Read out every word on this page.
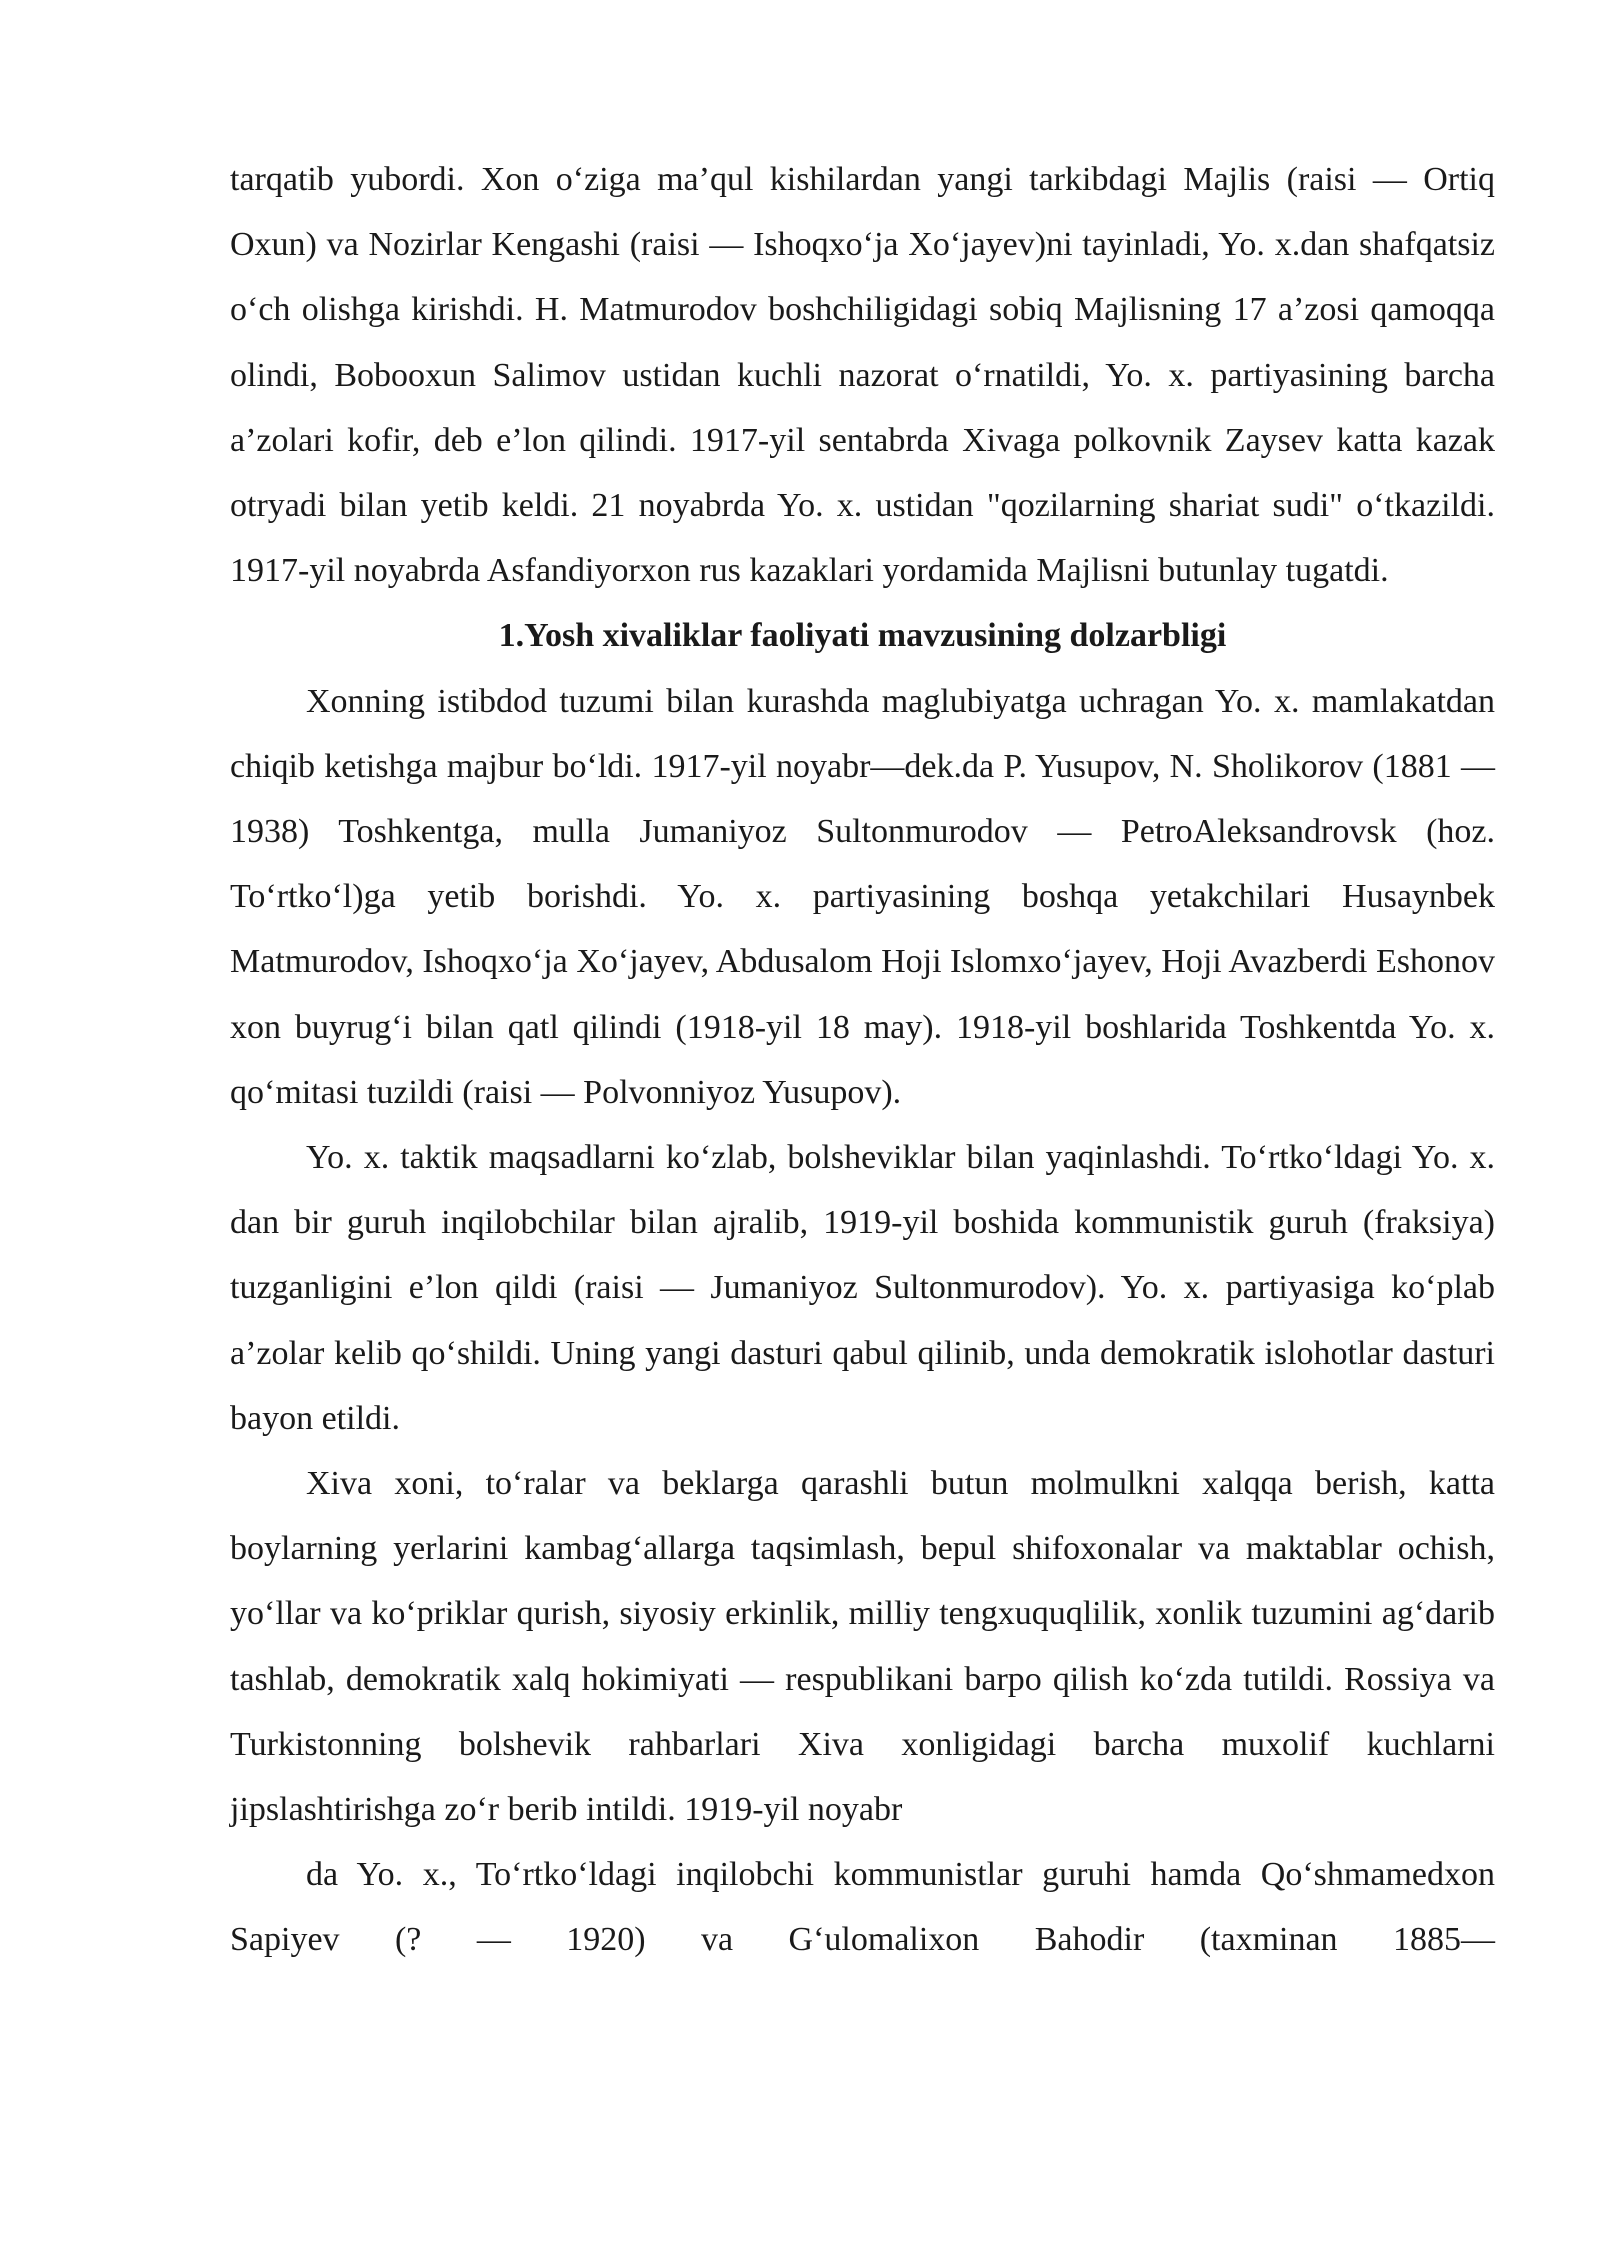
tarqatib yubordi. Xon o‘ziga ma’qul kishilardan yangi tarkibdagi Majlis (raisi — Ortiq Oxun) va Nozirlar Kengashi (raisi — Ishoqxo‘ja Xo‘jayev)ni tayinladi, Yo. x.dan shafqatsiz o‘ch olishga kirishdi. H. Matmurodov boshchiligidagi sobiq Majlisning 17 a’zosi qamoqqa olindi, Bobooxun Salimov ustidan kuchli nazorat o‘rnatildi, Yo. x. partiyasining barcha a’zolari kofir, deb e’lon qilindi. 1917-yil sentabrda Xivaga polkovnik Zaysev katta kazak otryadi bilan yetib keldi. 21 noyabrda Yo. x. ustidan "qozilarning shariat sudi" o‘tkazildi. 1917-yil noyabrda Asfandiyorxon rus kazaklari yordamida Majlisni butunlay tugatdi.

1.Yosh xivaliklar faoliyati mavzusining dolzarbligi

Xonning istibdod tuzumi bilan kurashda maglubiyatga uchragan Yo. x. mamlakatdan chiqib ketishga majbur bo‘ldi. 1917-yil noyabr—dek.da P. Yusupov, N. Sholikorov (1881 — 1938) Toshkentga, mulla Jumaniyoz Sultonmurodov — PetroAleksandrovsk (hoz. To‘rtko‘l)ga yetib borishdi. Yo. x. partiyasining boshqa yetakchilari Husaynbek Matmurodov, Ishoqxo‘ja Xo‘jayev, Abdusalom Hoji Islomxo‘jayev, Hoji Avazberdi Eshonov xon buyrug‘i bilan qatl qilindi (1918-yil 18 may). 1918-yil boshlarida Toshkentda Yo. x. qo‘mitasi tuzildi (raisi — Polvonniyoz Yusupov).

Yo. x. taktik maqsadlarni ko‘zlab, bolsheviklar bilan yaqinlashdi. To‘rtko‘ldagi Yo. x. dan bir guruh inqilobchilar bilan ajralib, 1919-yil boshida kommunistik guruh (fraksiya) tuzganligini e’lon qildi (raisi — Jumaniyoz Sultonmurodov). Yo. x. partiyasiga ko‘plab a’zolar kelib qo‘shildi. Uning yangi dasturi qabul qilinib, unda demokratik islohotlar dasturi bayon etildi.

Xiva xoni, to‘ralar va beklarga qarashli butun molmulkni xalqqa berish, katta boylarning yerlarini kambag‘allarga taqsimlash, bepul shifoxonalar va maktablar ochish, yo‘llar va ko‘priklar qurish, siyosiy erkinlik, milliy tengxuquqlilik, xonlik tuzumini ag‘darib tashlab, demokratik xalq hokimiyati — respublikani barpo qilish ko‘zda tutildi. Rossiya va Turkistonning bolshevik rahbarlari Xiva xonligidagi barcha muxolif kuchlarni jipslashtirishga zo‘r berib intildi. 1919-yil noyabr

da Yo. x., To‘rtko‘ldagi inqilobchi kommunistlar guruhi hamda Qo‘shmamedxon Sapiyev (? — 1920) va G‘ulomalixon Bahodir (taxminan 1885—
